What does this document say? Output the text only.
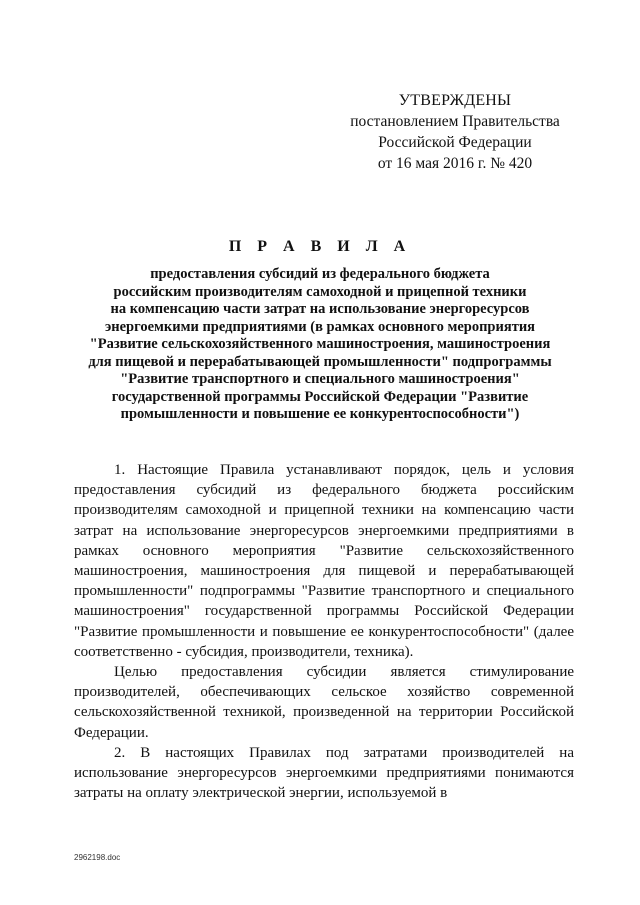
УТВЕРЖДЕНЫ
постановлением Правительства
Российской Федерации
от 16 мая 2016 г. № 420
П Р А В И Л А
предоставления субсидий из федерального бюджета
российским производителям самоходной и прицепной техники
на компенсацию части затрат на использование энергоресурсов
энергоемкими предприятиями (в рамках основного мероприятия
"Развитие сельскохозяйственного машиностроения, машиностроения
для пищевой и перерабатывающей промышленности" подпрограммы
"Развитие транспортного и специального машиностроения"
государственной программы Российской Федерации "Развитие
промышленности и повышение ее конкурентоспособности")

1. Настоящие Правила устанавливают порядок, цель и условия предоставления субсидий из федерального бюджета российским производителям самоходной и прицепной техники на компенсацию части затрат на использование энергоресурсов энергоемкими предприятиями в рамках основного мероприятия "Развитие сельскохозяйственного машиностроения, машиностроения для пищевой и перерабатывающей промышленности" подпрограммы "Развитие транспортного и специального машиностроения" государственной программы Российской Федерации "Развитие промышленности и повышение ее конкурентоспособности" (далее соответственно - субсидия, производители, техника).

Целью предоставления субсидии является стимулирование производителей, обеспечивающих сельское хозяйство современной сельскохозяйственной техникой, произведенной на территории Российской Федерации.

2. В настоящих Правилах под затратами производителей на использование энергоресурсов энергоемкими предприятиями понимаются затраты на оплату электрической энергии, используемой в

2962198.doc
